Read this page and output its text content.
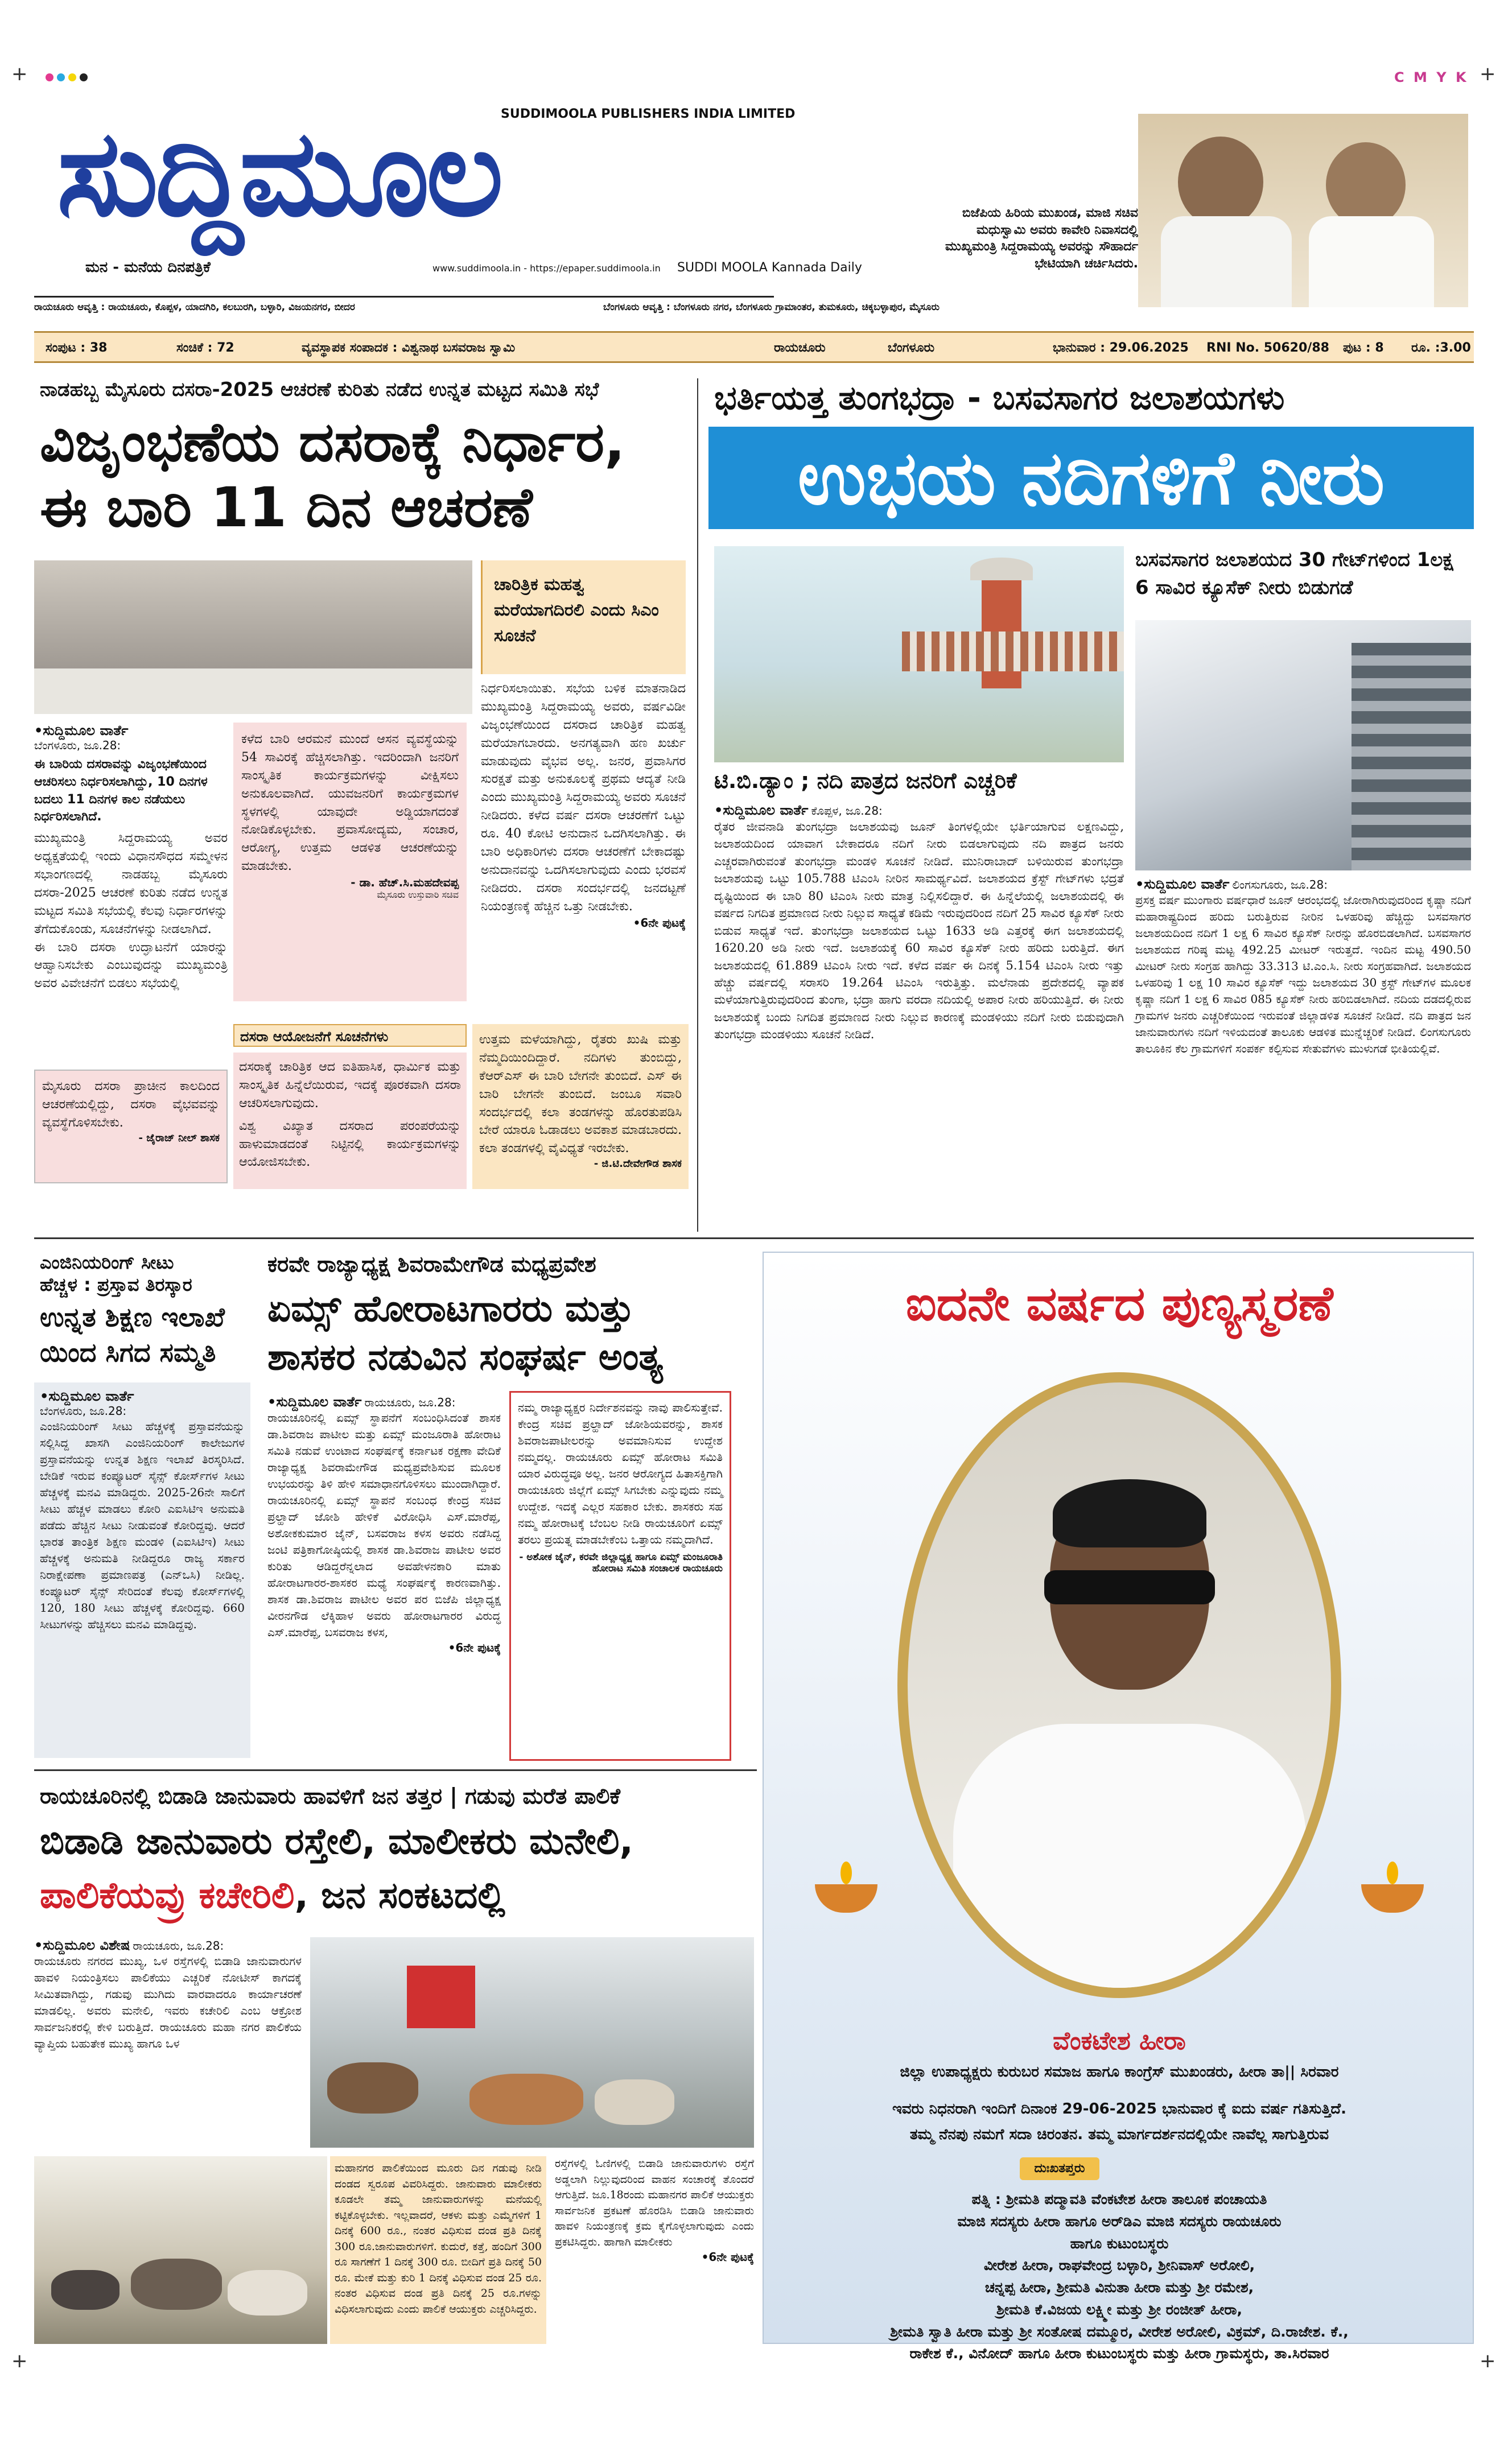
+	+
+	+
C M Y K
SUDDIMOOLA PUBLISHERS INDIA LIMITED
ಸುದ್ದಿಮೂಲ
ಮನ - ಮನೆಯ ದಿನಪತ್ರಿಕೆ	www.suddimoola.in - https://epaper.suddimoola.in SUDDI MOOLA Kannada Daily
ಬಿಜೆಪಿಯ ಹಿರಿಯ ಮುಖಂಡ, ಮಾಜಿ ಸಚಿವ ಮಧುಸ್ವಾಮಿ ಅವರು ಕಾವೇರಿ ನಿವಾಸದಲ್ಲಿ ಮುಖ್ಯಮಂತ್ರಿ ಸಿದ್ದರಾಮಯ್ಯ ಅವರನ್ನು ಸೌಹಾರ್ದ ಭೇಟಿಯಾಗಿ ಚರ್ಚಿಸಿದರು.
ರಾಯಚೂರು ಆವೃತ್ತಿ : ರಾಯಚೂರು, ಕೊಪ್ಪಳ, ಯಾದಗಿರಿ, ಕಲಬುರಗಿ, ಬಳ್ಳಾರಿ, ವಿಜಯನಗರ, ಬೀದರ	ಬೆಂಗಳೂರು ಆವೃತ್ತಿ : ಬೆಂಗಳೂರು ನಗರ, ಬೆಂಗಳೂರು ಗ್ರಾಮಾಂತರ, ತುಮಕೂರು, ಚಿಕ್ಕಬಳ್ಳಾಪುರ, ಮೈಸೂರು
ಸಂಪುಟ : 38	ಸಂಚಿಕೆ : 72	ವ್ಯವಸ್ಥಾಪಕ ಸಂಪಾದಕ : ವಿಶ್ವನಾಥ ಬಸವರಾಜ ಸ್ವಾಮಿ	ರಾಯಚೂರು	ಬೆಂಗಳೂರು	ಭಾನುವಾರ : 29.06.2025 RNI No. 50620/88 ಪುಟ : 8 ರೂ. :3.00
ನಾಡಹಬ್ಬ ಮೈಸೂರು ದಸರಾ-2025 ಆಚರಣೆ ಕುರಿತು ನಡೆದ ಉನ್ನತ ಮಟ್ಟದ ಸಮಿತಿ ಸಭೆ
ವಿಜೃಂಭಣೆಯ ದಸರಾಕ್ಕೆ ನಿರ್ಧಾರ,
ಈ ಬಾರಿ 11 ದಿನ ಆಚರಣೆ
ಚಾರಿತ್ರಿಕ ಮಹತ್ವ ಮರೆಯಾಗದಿರಲಿ ಎಂದು ಸಿಎಂ ಸೂಚನೆ
•ಸುದ್ದಿಮೂಲ ವಾರ್ತೆ
ಬೆಂಗಳೂರು, ಜೂ.28:
ಈ ಬಾರಿಯ ದಸರಾವನ್ನು ವಿಜೃಂಭಣೆಯಿಂದ ಆಚರಿಸಲು ನಿರ್ಧರಿಸಲಾಗಿದ್ದು, 10 ದಿನಗಳ ಬದಲು 11 ದಿನಗಳ ಕಾಲ ನಡೆಯಲು ನಿರ್ಧರಿಸಲಾಗಿದೆ.
ಮುಖ್ಯಮಂತ್ರಿ ಸಿದ್ದರಾಮಯ್ಯ ಅವರ ಅಧ್ಯಕ್ಷತೆಯಲ್ಲಿ ಇಂದು ವಿಧಾನಸೌಧದ ಸಮ್ಮೇಳನ ಸಭಾಂಗಣದಲ್ಲಿ ನಾಡಹಬ್ಬ ಮೈಸೂರು ದಸರಾ-2025 ಆಚರಣೆ ಕುರಿತು ನಡೆದ ಉನ್ನತ ಮಟ್ಟದ ಸಮಿತಿ ಸಭೆಯಲ್ಲಿ ಕೆಲವು ನಿರ್ಧಾರಗಳನ್ನು ತೆಗೆದುಕೊಂಡು, ಸೂಚನೆಗಳನ್ನು ನೀಡಲಾಗಿದೆ.
ಈ ಬಾರಿ ದಸರಾ ಉದ್ಘಾಟನೆಗೆ ಯಾರನ್ನು ಆಹ್ವಾನಿಸಬೇಕು ಎಂಬುವುದನ್ನು ಮುಖ್ಯಮಂತ್ರಿ ಅವರ ವಿವೇಚನೆಗೆ ಬಿಡಲು ಸಭೆಯಲ್ಲಿ
ಕಳೆದ ಬಾರಿ ಆರಮನೆ ಮುಂದೆ ಆಸನ ವ್ಯವಸ್ಥೆಯನ್ನು 54 ಸಾವಿರಕ್ಕೆ ಹೆಚ್ಚಿಸಲಾಗಿತ್ತು. ಇದರಿಂದಾಗಿ ಜನರಿಗೆ ಸಾಂಸ್ಕೃತಿಕ ಕಾರ್ಯಕ್ರಮಗಳನ್ನು ವೀಕ್ಷಿಸಲು ಅನುಕೂಲವಾಗಿದೆ. ಯುವಜನರಿಗೆ ಕಾರ್ಯಕ್ರಮಗಳ ಸ್ಥಳಗಳಲ್ಲಿ ಯಾವುದೇ ಅಡ್ಡಿಯಾಗದಂತೆ ನೋಡಿಕೊಳ್ಳಬೇಕು. ಪ್ರವಾಸೋದ್ಯಮ, ಸಂಚಾರ, ಆರೋಗ್ಯ, ಉತ್ತಮ ಆಡಳಿತ ಆಚರಣೆಯನ್ನು ಮಾಡಬೇಕು.
- ಡಾ. ಹೆಚ್.ಸಿ.ಮಹದೇವಪ್ಪ
ಮೈಸೂರು ಉಸ್ತುವಾರಿ ಸಚಿವ
ನಿರ್ಧರಿಸಲಾಯಿತು. ಸಭೆಯ ಬಳಿಕ ಮಾತನಾಡಿದ ಮುಖ್ಯಮಂತ್ರಿ ಸಿದ್ದರಾಮಯ್ಯ ಅವರು, ವರ್ಷವಿಡೀ ವಿಜೃಂಭಣೆಯಿಂದ ದಸರಾದ ಚಾರಿತ್ರಿಕ ಮಹತ್ವ ಮರೆಯಾಗಬಾರದು. ಅನಗತ್ಯವಾಗಿ ಹಣ ಖರ್ಚು ಮಾಡುವುದು ವೈಭವ ಅಲ್ಲ. ಜನರ, ಪ್ರವಾಸಿಗರ ಸುರಕ್ಷತೆ ಮತ್ತು ಅನುಕೂಲಕ್ಕೆ ಪ್ರಥಮ ಆದ್ಯತೆ ನೀಡಿ ಎಂದು ಮುಖ್ಯಮಂತ್ರಿ ಸಿದ್ದರಾಮಯ್ಯ ಅವರು ಸೂಚನೆ ನೀಡಿದರು. ಕಳೆದ ವರ್ಷ ದಸರಾ ಆಚರಣೆಗೆ ಒಟ್ಟು ರೂ. 40 ಕೋಟಿ ಅನುದಾನ ಒದಗಿಸಲಾಗಿತ್ತು. ಈ ಬಾರಿ ಅಧಿಕಾರಿಗಳು ದಸರಾ ಆಚರಣೆಗೆ ಬೇಕಾದಷ್ಟು ಅನುದಾನವನ್ನು ಒದಗಿಸಲಾಗುವುದು ಎಂದು ಭರವಸೆ ನೀಡಿದರು. ದಸರಾ ಸಂದರ್ಭದಲ್ಲಿ ಜನದಟ್ಟಣೆ ನಿಯಂತ್ರಣಕ್ಕೆ ಹೆಚ್ಚಿನ ಒತ್ತು ನೀಡಬೇಕು.
•6ನೇ ಪುಟಕ್ಕೆ
ಮೈಸೂರು ದಸರಾ ಪ್ರಾಚೀನ ಕಾಲದಿಂದ ಆಚರಣೆಯಲ್ಲಿದ್ದು, ದಸರಾ ವೈಭವವನ್ನು ವ್ಯವಸ್ಥೆಗೊಳಿಸಬೇಕು.
- ಜೈರಾಜ್ ನೀಲ್ ಶಾಸಕ
ದಸರಾ ಆಯೋಜನೆಗೆ ಸೂಚನೆಗಳು
ದಸರಾಕ್ಕೆ ಚಾರಿತ್ರಿಕ ಆದ ಐತಿಹಾಸಿಕ, ಧಾರ್ಮಿಕ ಮತ್ತು ಸಾಂಸ್ಕೃತಿಕ ಹಿನ್ನೆಲೆಯಿರುವ, ಇದಕ್ಕೆ ಪೂರಕವಾಗಿ ದಸರಾ ಆಚರಿಸಲಾಗುವುದು.
ವಿಶ್ವ ವಿಖ್ಯಾತ ದಸರಾದ ಪರಂಪರೆಯನ್ನು ಹಾಳುಮಾಡದಂತೆ ನಿಟ್ಟಿನಲ್ಲಿ ಕಾರ್ಯಕ್ರಮಗಳನ್ನು ಆಯೋಜಿಸಬೇಕು.
ಉತ್ತಮ ಮಳೆಯಾಗಿದ್ದು, ರೈತರು ಖುಷಿ ಮತ್ತು ನೆಮ್ಮದಿಯಿಂದಿದ್ದಾರೆ. ನದಿಗಳು ತುಂಬಿದ್ದು, ಕೆಆರ್‌ಎಸ್ ಈ ಬಾರಿ ಬೇಗನೇ ತುಂಬಿದೆ. ಎಸ್ ಈ ಬಾರಿ ಬೇಗನೇ ತುಂಬಿದೆ. ಜಂಬೂ ಸವಾರಿ ಸಂದರ್ಭದಲ್ಲಿ ಕಲಾ ತಂಡಗಳನ್ನು ಹೊರತುಪಡಿಸಿ ಬೇರೆ ಯಾರೂ ಓಡಾಡಲು ಅವಕಾಶ ಮಾಡಬಾರದು. ಕಲಾ ತಂಡಗಳಲ್ಲಿ ವೈವಿಧ್ಯತೆ ಇರಬೇಕು.
- ಜಿ.ಟಿ.ದೇವೇಗೌಡ ಶಾಸಕ
ಭರ್ತಿಯತ್ತ ತುಂಗಭದ್ರಾ - ಬಸವಸಾಗರ ಜಲಾಶಯಗಳು
ಉಭಯ ನದಿಗಳಿಗೆ ನೀರು
ಟಿ.ಬಿ.ಡ್ಯಾಂ ; ನದಿ ಪಾತ್ರದ ಜನರಿಗೆ ಎಚ್ಚರಿಕೆ
•ಸುದ್ದಿಮೂಲ ವಾರ್ತೆ ಕೊಪ್ಪಳ, ಜೂ.28:
ರೈತರ ಜೀವನಾಡಿ ತುಂಗಭದ್ರಾ ಜಲಾಶಯವು ಜೂನ್ ತಿಂಗಳಲ್ಲಿಯೇ ಭರ್ತಿಯಾಗುವ ಲಕ್ಷಣವಿದ್ದು, ಜಲಾಶಯದಿಂದ ಯಾವಾಗ ಬೇಕಾದರೂ ನದಿಗೆ ನೀರು ಬಿಡಲಾಗುವುದು ನದಿ ಪಾತ್ರದ ಜನರು ಎಚ್ಚರವಾಗಿರುವಂತೆ ತುಂಗಭದ್ರಾ ಮಂಡಳಿ ಸೂಚನೆ ನೀಡಿದೆ. ಮುನಿರಾಬಾದ್ ಬಳಿಯಿರುವ ತುಂಗಭದ್ರಾ ಜಲಾಶಯವು ಒಟ್ಟು 105.788 ಟಿಎಂಸಿ ನೀರಿನ ಸಾಮರ್ಥ್ಯವಿದೆ. ಜಲಾಶಯದ ಕ್ರೆಸ್ಟ್ ಗೇಟ್‌ಗಳು ಭದ್ರತೆ ದೃಷ್ಟಿಯಿಂದ ಈ ಬಾರಿ 80 ಟಿಎಂಸಿ ನೀರು ಮಾತ್ರ ನಿಲ್ಲಿಸಲಿದ್ದಾರೆ. ಈ ಹಿನ್ನೆಲೆಯಲ್ಲಿ ಜಲಾಶಯದಲ್ಲಿ ಈ ವರ್ಷದ ನಿಗದಿತ ಪ್ರಮಾಣದ ನೀರು ನಿಲ್ಲುವ ಸಾಧ್ಯತೆ ಕಡಿಮೆ ಇರುವುದರಿಂದ ನದಿಗೆ 25 ಸಾವಿರ ಕ್ಯೂಸೆಕ್ ನೀರು ಬಿಡುವ ಸಾಧ್ಯತೆ ಇದೆ. ತುಂಗಭದ್ರಾ ಜಲಾಶಯದ ಒಟ್ಟು 1633 ಅಡಿ ಎತ್ತರಕ್ಕೆ ಈಗ ಜಲಾಶಯದಲ್ಲಿ 1620.20 ಅಡಿ ನೀರು ಇದೆ. ಜಲಾಶಯಕ್ಕೆ 60 ಸಾವಿರ ಕ್ಯೂಸೆಕ್ ನೀರು ಹರಿದು ಬರುತ್ತಿದೆ. ಈಗ ಜಲಾಶಯದಲ್ಲಿ 61.889 ಟಿಎಂಸಿ ನೀರು ಇದೆ. ಕಳೆದ ವರ್ಷ ಈ ದಿನಕ್ಕೆ 5.154 ಟಿಎಂಸಿ ನೀರು ಇತ್ತು ಹೆಚ್ಚು ವರ್ಷದಲ್ಲಿ ಸರಾಸರಿ 19.264 ಟಿಎಂಸಿ ಇರುತ್ತಿತ್ತು. ಮಲೆನಾಡು ಪ್ರದೇಶದಲ್ಲಿ ವ್ಯಾಪಕ ಮಳೆಯಾಗುತ್ತಿರುವುದರಿಂದ ತುಂಗಾ, ಭದ್ರಾ ಹಾಗು ವರದಾ ನದಿಯಲ್ಲಿ ಅಪಾರ ನೀರು ಹರಿಯುತ್ತಿದೆ. ಈ ನೀರು ಜಲಾಶಯಕ್ಕೆ ಬಂದು ನಿಗದಿತ ಪ್ರಮಾಣದ ನೀರು ನಿಲ್ಲುವ ಕಾರಣಕ್ಕೆ ಮಂಡಳಿಯು ನದಿಗೆ ನೀರು ಬಿಡುವುದಾಗಿ ತುಂಗಭದ್ರಾ ಮಂಡಳಿಯು ಸೂಚನೆ ನೀಡಿದೆ.
ಬಸವಸಾಗರ ಜಲಾಶಯದ 30 ಗೇಟ್‌ಗಳಿಂದ 1ಲಕ್ಷ 6 ಸಾವಿರ ಕ್ಯೂಸೆಕ್ ನೀರು ಬಿಡುಗಡೆ
•ಸುದ್ದಿಮೂಲ ವಾರ್ತೆ ಲಿಂಗಸುಗೂರು, ಜೂ.28:
ಪ್ರಸಕ್ತ ವರ್ಷ ಮುಂಗಾರು ವರ್ಷಧಾರೆ ಜೂನ್ ಆರಂಭದಲ್ಲಿ ಜೋರಾಗಿರುವುದರಿಂದ ಕೃಷ್ಣಾ ನದಿಗೆ ಮಹಾರಾಷ್ಟ್ರದಿಂದ ಹರಿದು ಬರುತ್ತಿರುವ ನೀರಿನ ಒಳಹರಿವು ಹೆಚ್ಚಿದ್ದು ಬಸವಸಾಗರ ಜಲಾಶಯದಿಂದ ನದಿಗೆ 1 ಲಕ್ಷ 6 ಸಾವಿರ ಕ್ಯೂಸೆಕ್ ನೀರನ್ನು ಹೊರಬಿಡಲಾಗಿದೆ. ಬಸವಸಾಗರ ಜಲಾಶಯದ ಗರಿಷ್ಠ ಮಟ್ಟ 492.25 ಮೀಟರ್ ಇರುತ್ತದೆ. ಇಂದಿನ ಮಟ್ಟ 490.50 ಮೀಟರ್ ನೀರು ಸಂಗ್ರಹ ಹಾಗಿದ್ದು 33.313 ಟಿ.ಎಂ.ಸಿ. ನೀರು ಸಂಗ್ರಹವಾಗಿದೆ. ಜಲಾಶಯದ ಒಳಹರಿವು 1 ಲಕ್ಷ 10 ಸಾವಿರ ಕ್ಯೂಸೆಕ್ ಇದ್ದು ಜಲಾಶಯದ 30 ಕ್ರಸ್ಟ್ ಗೇಟ್‌ಗಳ ಮೂಲಕ ಕೃಷ್ಣಾ ನದಿಗೆ 1 ಲಕ್ಷ 6 ಸಾವಿರ 085 ಕ್ಯೂಸೆಕ್ ನೀರು ಹರಿಬಿಡಲಾಗಿದೆ. ನದಿಯ ದಡದಲ್ಲಿರುವ ಗ್ರಾಮಗಳ ಜನರು ಎಚ್ಚರಿಕೆಯಿಂದ ಇರುವಂತೆ ಜಿಲ್ಲಾಡಳಿತ ಸೂಚನೆ ನೀಡಿದೆ. ನದಿ ಪಾತ್ರದ ಜನ ಜಾನುವಾರುಗಳು ನದಿಗೆ ಇಳಿಯದಂತೆ ತಾಲೂಕು ಆಡಳಿತ ಮುನ್ನೆಚ್ಚರಿಕೆ ನೀಡಿದೆ. ಲಿಂಗಸುಗೂರು ತಾಲೂಕಿನ ಕೆಲ ಗ್ರಾಮಗಳಿಗೆ ಸಂಪರ್ಕ ಕಲ್ಪಿಸುವ ಸೇತುವೆಗಳು ಮುಳುಗಡೆ ಭೀತಿಯಲ್ಲಿವೆ.
ಎಂಜಿನಿಯರಿಂಗ್ ಸೀಟು
ಹೆಚ್ಚಳ : ಪ್ರಸ್ತಾವ ತಿರಸ್ಕಾರ
ಉನ್ನತ ಶಿಕ್ಷಣ ಇಲಾಖೆ ಯಿಂದ ಸಿಗದ ಸಮ್ಮತಿ
•ಸುದ್ದಿಮೂಲ ವಾರ್ತೆ
ಬೆಂಗಳೂರು, ಜೂ.28:
ಎಂಜಿನಿಯರಿಂಗ್ ಸೀಟು ಹೆಚ್ಚಳಕ್ಕೆ ಪ್ರಸ್ತಾವನೆಯನ್ನು ಸಲ್ಲಿಸಿದ್ದ ಖಾಸಗಿ ಎಂಜಿನಿಯರಿಂಗ್ ಕಾಲೇಜುಗಳ ಪ್ರಸ್ತಾವನೆಯನ್ನು ಉನ್ನತ ಶಿಕ್ಷಣ ಇಲಾಖೆ ತಿರಸ್ಕರಿಸಿದೆ. ಬೇಡಿಕೆ ಇರುವ ಕಂಪ್ಯೂಟರ್ ಸೈನ್ಸ್ ಕೋರ್ಸ್‌ಗಳ ಸೀಟು ಹೆಚ್ಚಳಕ್ಕೆ ಮನವಿ ಮಾಡಿದ್ದರು. 2025-26ನೇ ಸಾಲಿಗೆ ಸೀಟು ಹೆಚ್ಚಳ ಮಾಡಲು ಕೋರಿ ಎಐಸಿಟಿಇ ಅನುಮತಿ ಪಡೆದು ಹೆಚ್ಚಿನ ಸೀಟು ನೀಡುವಂತೆ ಕೋರಿದ್ದವು. ಆದರೆ ಭಾರತ ತಾಂತ್ರಿಕ ಶಿಕ್ಷಣ ಮಂಡಳಿ (ಎಐಸಿಟಿಇ) ಸೀಟು ಹೆಚ್ಚಳಕ್ಕೆ ಅನುಮತಿ ನೀಡಿದ್ದರೂ ರಾಜ್ಯ ಸರ್ಕಾರ ನಿರಾಕ್ಷೇಪಣಾ ಪ್ರಮಾಣಪತ್ರ (ಎನ್‌ಒಸಿ) ನೀಡಿಲ್ಲ. ಕಂಪ್ಯೂಟರ್ ಸೈನ್ಸ್ ಸೇರಿದಂತೆ ಕೆಲವು ಕೋರ್ಸ್‌ಗಳಲ್ಲಿ 120, 180 ಸೀಟು ಹೆಚ್ಚಳಕ್ಕೆ ಕೋರಿದ್ದವು. 660 ಸೀಟುಗಳನ್ನು ಹೆಚ್ಚಿಸಲು ಮನವಿ ಮಾಡಿದ್ದವು.
ಕರವೇ ರಾಜ್ಯಾಧ್ಯಕ್ಷ ಶಿವರಾಮೇಗೌಡ ಮಧ್ಯಪ್ರವೇಶ
ಏಮ್ಸ್ ಹೋರಾಟಗಾರರು ಮತ್ತು
ಶಾಸಕರ ನಡುವಿನ ಸಂಘರ್ಷ ಅಂತ್ಯ
•ಸುದ್ದಿಮೂಲ ವಾರ್ತೆ ರಾಯಚೂರು, ಜೂ.28:
ರಾಯಚೂರಿನಲ್ಲಿ ಏಮ್ಸ್ ಸ್ಥಾಪನೆಗೆ ಸಂಬಂಧಿಸಿದಂತೆ ಶಾಸಕ ಡಾ.ಶಿವರಾಜ ಪಾಟೀಲ ಮತ್ತು ಏಮ್ಸ್ ಮಂಜೂರಾತಿ ಹೋರಾಟ ಸಮಿತಿ ನಡುವೆ ಉಂಟಾದ ಸಂಘರ್ಷಕ್ಕೆ ಕರ್ನಾಟಕ ರಕ್ಷಣಾ ವೇದಿಕೆ ರಾಜ್ಯಾಧ್ಯಕ್ಷ ಶಿವರಾಮೇಗೌಡ ಮಧ್ಯಪ್ರವೇಶಿಸುವ ಮೂಲಕ ಉಭಯರನ್ನು ತಿಳಿ ಹೇಳಿ ಸಮಾಧಾನಗೊಳಿಸಲು ಮುಂದಾಗಿದ್ದಾರೆ. ರಾಯಚೂರಿನಲ್ಲಿ ಏಮ್ಸ್ ಸ್ಥಾಪನೆ ಸಂಬಂಧ ಕೇಂದ್ರ ಸಚಿವ ಪ್ರಲ್ಹಾದ್ ಜೋಶಿ ಹೇಳಿಕೆ ವಿರೋಧಿಸಿ ಎಸ್.ಮಾರೆಪ್ಪ, ಅಶೋಕಕುಮಾರ ಜೈನ್, ಬಸವರಾಜ ಕಳಸ ಅವರು ನಡೆಸಿದ್ದ ಜಂಟಿ ಪತ್ರಿಕಾಗೋಷ್ಠಿಯಲ್ಲಿ ಶಾಸಕ ಡಾ.ಶಿವರಾಜ ಪಾಟೀಲ ಅವರ ಕುರಿತು ಆಡಿದ್ದರೆನ್ನಲಾದ ಅವಹೇಳನಕಾರಿ ಮಾತು ಹೋರಾಟಗಾರರ-ಶಾಸಕರ ಮಧ್ಯೆ ಸಂಘರ್ಷಕ್ಕೆ ಕಾರಣವಾಗಿತ್ತು. ಶಾಸಕ ಡಾ.ಶಿವರಾಜ ಪಾಟೀಲ ಅವರ ಪರ ಬಿಜೆಪಿ ಜಿಲ್ಲಾಧ್ಯಕ್ಷ ವೀರನಗೌಡ ಲೆಕ್ಕಿಹಾಳ ಅವರು ಹೋರಾಟಗಾರರ ವಿರುದ್ಧ ಎಸ್.ಮಾರೆಪ್ಪ, ಬಸವರಾಜ ಕಳಸ,
•6ನೇ ಪುಟಕ್ಕೆ
ನಮ್ಮ ರಾಜ್ಯಾಧ್ಯಕ್ಷರ ನಿರ್ದೇಶನವನ್ನು ನಾವು ಪಾಲಿಸುತ್ತೇವೆ. ಕೇಂದ್ರ ಸಚಿವ ಪ್ರಲ್ಹಾದ್ ಜೋಶಿಯವರನ್ನು, ಶಾಸಕ ಶಿವರಾಜಪಾಟೀಲರನ್ನು ಅವಮಾನಿಸುವ ಉದ್ದೇಶ ನಮ್ಮದಲ್ಲ. ರಾಯಚೂರು ಏಮ್ಸ್ ಹೋರಾಟ ಸಮಿತಿ ಯಾರ ವಿರುದ್ಧವೂ ಅಲ್ಲ. ಜನರ ಆರೋಗ್ಯದ ಹಿತಾಸಕ್ತಿಗಾಗಿ ರಾಯಚೂರು ಜಿಲ್ಲೆಗೆ ಏಮ್ಸ್ ಸಿಗಬೇಕು ಎನ್ನುವುದು ನಮ್ಮ ಉದ್ದೇಶ. ಇದಕ್ಕೆ ಎಲ್ಲರ ಸಹಕಾರ ಬೇಕು. ಶಾಸಕರು ಸಹ ನಮ್ಮ ಹೋರಾಟಕ್ಕೆ ಬೆಂಬಲ ನೀಡಿ ರಾಯಚೂರಿಗೆ ಏಮ್ಸ್ ತರಲು ಪ್ರಯತ್ನ ಮಾಡಬೇಕೆಂಬ ಒತ್ತಾಯ ನಮ್ಮದಾಗಿದೆ.
- ಅಶೋಕ ಜೈನ್, ಕರವೇ ಜಿಲ್ಲಾಧ್ಯಕ್ಷ ಹಾಗೂ ಏಮ್ಸ್ ಮಂಜೂರಾತಿ ಹೋರಾಟ ಸಮಿತಿ ಸಂಚಾಲಕ ರಾಯಚೂರು
ಐದನೇ ವರ್ಷದ ಪುಣ್ಯಸ್ಮರಣೆ
ವೆಂಕಟೇಶ ಹೀರಾ
ಜಿಲ್ಲಾ ಉಪಾಧ್ಯಕ್ಷರು ಕುರುಬರ ಸಮಾಜ ಹಾಗೂ ಕಾಂಗ್ರೆಸ್ ಮುಖಂಡರು, ಹೀರಾ ತಾ|| ಸಿರವಾರ
ಇವರು ನಿಧನರಾಗಿ ಇಂದಿಗೆ ದಿನಾಂಕ 29-06-2025 ಭಾನುವಾರ ಕ್ಕೆ ಐದು ವರ್ಷ ಗತಿಸುತ್ತಿದೆ.
ತಮ್ಮ ನೆನಪು ನಮಗೆ ಸದಾ ಚಿರಂತನ. ತಮ್ಮ ಮಾರ್ಗದರ್ಶನದಲ್ಲಿಯೇ ನಾವೆಲ್ಲ ಸಾಗುತ್ತಿರುವ
ದುಃಖತಪ್ತರು
ಪತ್ನಿ : ಶ್ರೀಮತಿ ಪದ್ಮಾವತಿ ವೆಂಕಟೇಶ ಹೀರಾ ತಾಲೂಕ ಪಂಚಾಯತಿ
ಮಾಜಿ ಸದಸ್ಯರು ಹೀರಾ ಹಾಗೂ ಅರ್‌ಡಿಎ ಮಾಜಿ ಸದಸ್ಯರು ರಾಯಚೂರು
ಹಾಗೂ ಕುಟುಂಬಸ್ಥರು
ವೀರೇಶ ಹೀರಾ, ರಾಘವೇಂದ್ರ ಬಳ್ಳಾರಿ, ಶ್ರೀನಿವಾಸ್ ಅರೋಲಿ,
ಚನ್ನಪ್ಪ ಹೀರಾ, ಶ್ರೀಮತಿ ವಿನುತಾ ಹೀರಾ ಮತ್ತು ಶ್ರೀ ರಮೇಶ,
ಶ್ರೀಮತಿ ಕೆ.ವಿಜಯ ಲಕ್ಷ್ಮೀ ಮತ್ತು ಶ್ರೀ ರಂಜೀತ್ ಹೀರಾ,
ಶ್ರೀಮತಿ ಸ್ವಾತಿ ಹೀರಾ ಮತ್ತು ಶ್ರೀ ಸಂತೋಷ ದಮ್ಮೂರ, ವೀರೇಶ ಅರೋಲಿ, ವಿಕ್ರಮ್, ದಿ.ರಾಜೇಶ. ಕೆ.,
ರಾಕೇಶ ಕೆ., ವಿನೋದ್ ಹಾಗೂ ಹೀರಾ ಕುಟುಂಬಸ್ಥರು ಮತ್ತು ಹೀರಾ ಗ್ರಾಮಸ್ಥರು, ತಾ.ಸಿರವಾರ
ರಾಯಚೂರಿನಲ್ಲಿ ಬಿಡಾಡಿ ಜಾನುವಾರು ಹಾವಳಿಗೆ ಜನ ತತ್ತರ | ಗಡುವು ಮರೆತ ಪಾಲಿಕೆ
ಬಿಡಾಡಿ ಜಾನುವಾರು ರಸ್ತೇಲಿ, ಮಾಲೀಕರು ಮನೇಲಿ,
ಪಾಲಿಕೆಯವ್ರು ಕಚೇರಿಲಿ, ಜನ ಸಂಕಟದಲ್ಲಿ
•ಸುದ್ದಿಮೂಲ ವಿಶೇಷ ರಾಯಚೂರು, ಜೂ.28:
ರಾಯಚೂರು ನಗರದ ಮುಖ್ಯ, ಒಳ ರಸ್ತೆಗಳಲ್ಲಿ ಬಿಡಾಡಿ ಜಾನುವಾರುಗಳ ಹಾವಳಿ ನಿಯಂತ್ರಿಸಲು ಪಾಲಿಕೆಯು ಎಚ್ಚರಿಕೆ ನೋಟೀಸ್ ಕಾಗದಕ್ಕೆ ಸೀಮಿತವಾಗಿದ್ದು, ಗಡುವು ಮುಗಿದು ವಾರವಾದರೂ ಕಾರ್ಯಾಚರಣೆ ಮಾಡಲಿಲ್ಲ. ಅವರು ಮನೇಲಿ, ಇವರು ಕಚೇರಿಲಿ ಎಂಬ ಆಕ್ರೋಶ ಸಾರ್ವಜನಿಕರಲ್ಲಿ ಕೇಳಿ ಬರುತ್ತಿದೆ. ರಾಯಚೂರು ಮಹಾ ನಗರ ಪಾಲಿಕೆಯ ವ್ಯಾಪ್ತಿಯ ಬಹುತೇಕ ಮುಖ್ಯ ಹಾಗೂ ಒಳ
ಮಹಾನಗರ ಪಾಲಿಕೆಯಿಂದ ಮೂರು ದಿನ ಗಡುವು ನೀಡಿ ದಂಡದ ಸ್ವರೂಪ ವಿವರಿಸಿದ್ದರು. ಜಾನುವಾರು ಮಾಲೀಕರು ಕೂಡಲೇ ತಮ್ಮ ಜಾನುವಾರುಗಳನ್ನು ಮನೆಯಲ್ಲಿ ಕಟ್ಟಿಕೊಳ್ಳಬೇಕು. ಇಲ್ಲವಾದರೆ, ಆಕಳು ಮತ್ತು ಎಮ್ಮೆಗಳಿಗೆ 1 ದಿನಕ್ಕೆ 600 ರೂ., ನಂತರ ವಿಧಿಸುವ ದಂಡ ಪ್ರತಿ ದಿನಕ್ಕೆ 300 ರೂ.ಜಾನುವಾರುಗಳಿಗೆ. ಕುದುರೆ, ಕತ್ತೆ, ಹಂದಿಗೆ 300 ರೂ ಸಾಗಣೆಗೆ 1 ದಿನಕ್ಕೆ 300 ರೂ. ಬೀದಿಗೆ ಪ್ರತಿ ದಿನಕ್ಕೆ 50 ರೂ. ಮೇಕೆ ಮತ್ತು ಕುರಿ 1 ದಿನಕ್ಕೆ ವಿಧಿಸುವ ದಂಡ 25 ರೂ. ನಂತರ ವಿಧಿಸುವ ದಂಡ ಪ್ರತಿ ದಿನಕ್ಕೆ 25 ರೂ.ಗಳನ್ನು ವಿಧಿಸಲಾಗುವುದು ಎಂದು ಪಾಲಿಕೆ ಆಯುಕ್ತರು ಎಚ್ಚರಿಸಿದ್ದರು.
ರಸ್ತೆಗಳಲ್ಲಿ ಓಣಿಗಳಲ್ಲಿ ಬಿಡಾಡಿ ಜಾನುವಾರುಗಳು ರಸ್ತೆಗೆ ಅಡ್ಡಲಾಗಿ ನಿಲ್ಲುವುದರಿಂದ ವಾಹನ ಸಂಚಾರಕ್ಕೆ ತೊಂದರೆ ಆಗುತ್ತಿದೆ. ಜೂ.18ರಂದು ಮಹಾನಗರ ಪಾಲಿಕೆ ಆಯುಕ್ತರು ಸಾರ್ವಜನಿಕ ಪ್ರಕಟಣೆ ಹೊರಡಿಸಿ ಬಿಡಾಡಿ ಜಾನುವಾರು ಹಾವಳಿ ನಿಯಂತ್ರಣಕ್ಕೆ ಕ್ರಮ ಕೈಗೊಳ್ಳಲಾಗುವುದು ಎಂದು ಪ್ರಕಟಿಸಿದ್ದರು. ಹಾಗಾಗಿ ಮಾಲೀಕರು
•6ನೇ ಪುಟಕ್ಕೆ
